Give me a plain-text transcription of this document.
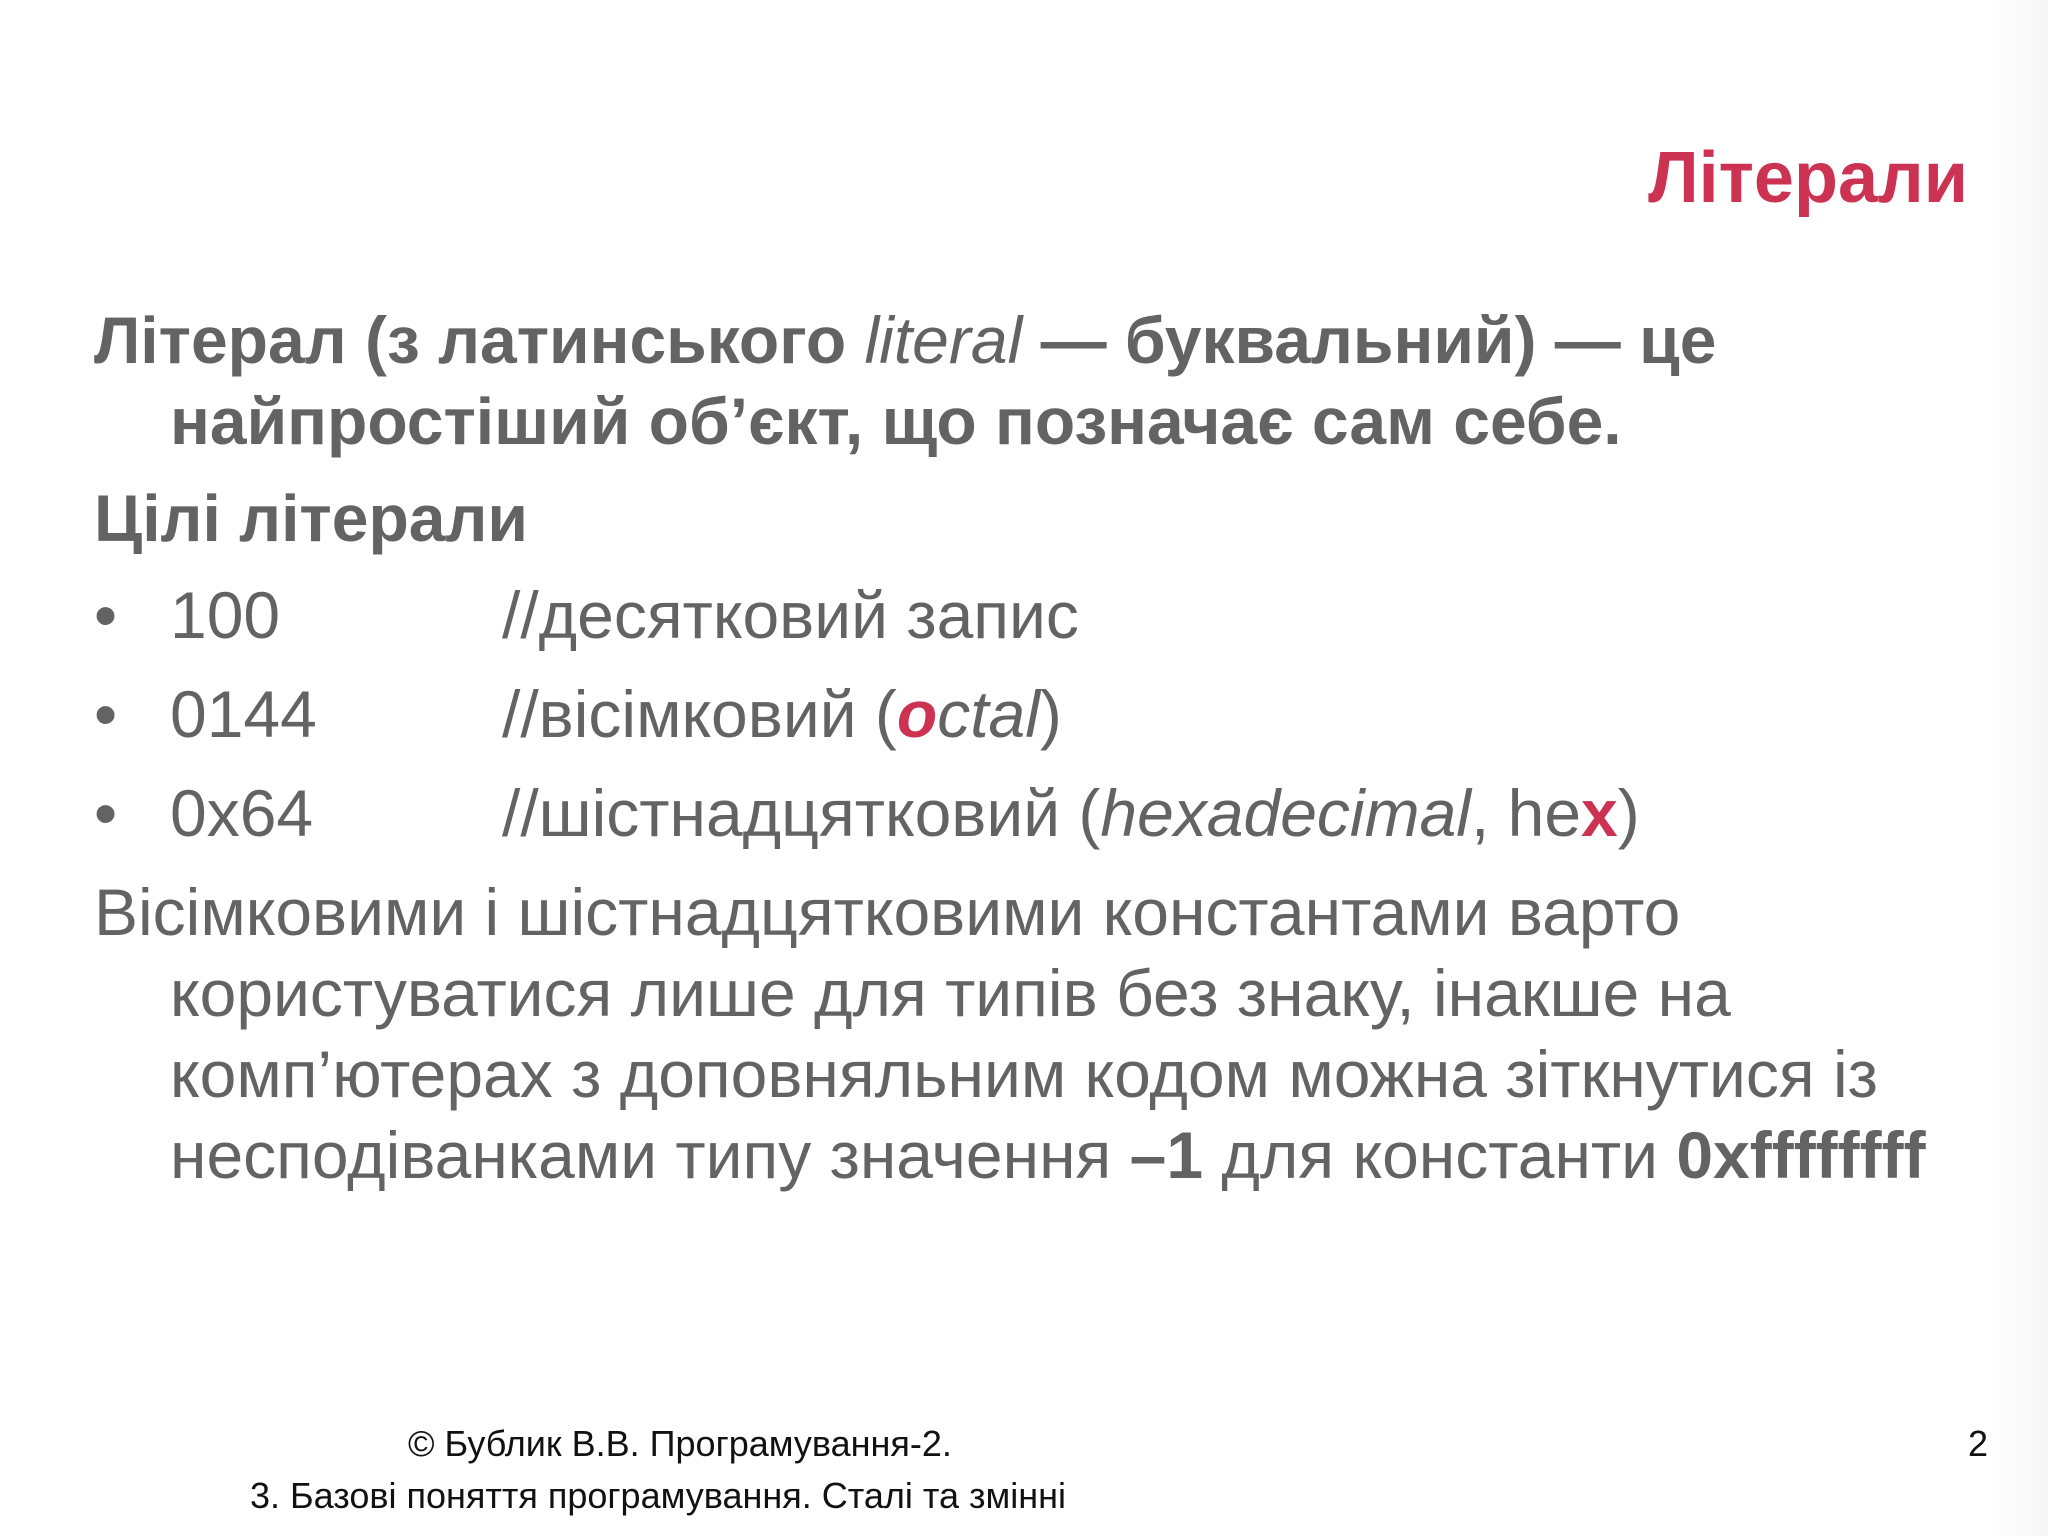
Літерали

Літерал (з латинського literal — буквальний) — це найпростіший об’єкт, що позначає сам себе.

Цілі літерали

• 100	//десятковий запис
• 0144	//вісімковий (octal)
• 0x64	//шістнадцятковий (hexadecimal, hex)

Вісімковими і шістнадцятковими константами варто користуватися лише для типів без знаку, інакше на комп’ютерах з доповняльним кодом можна зіткнутися із несподіванками типу значення –1 для константи 0xffffffff

© Бублик В.В. Програмування-2.
3. Базові поняття програмування. Сталі та змінні
2
